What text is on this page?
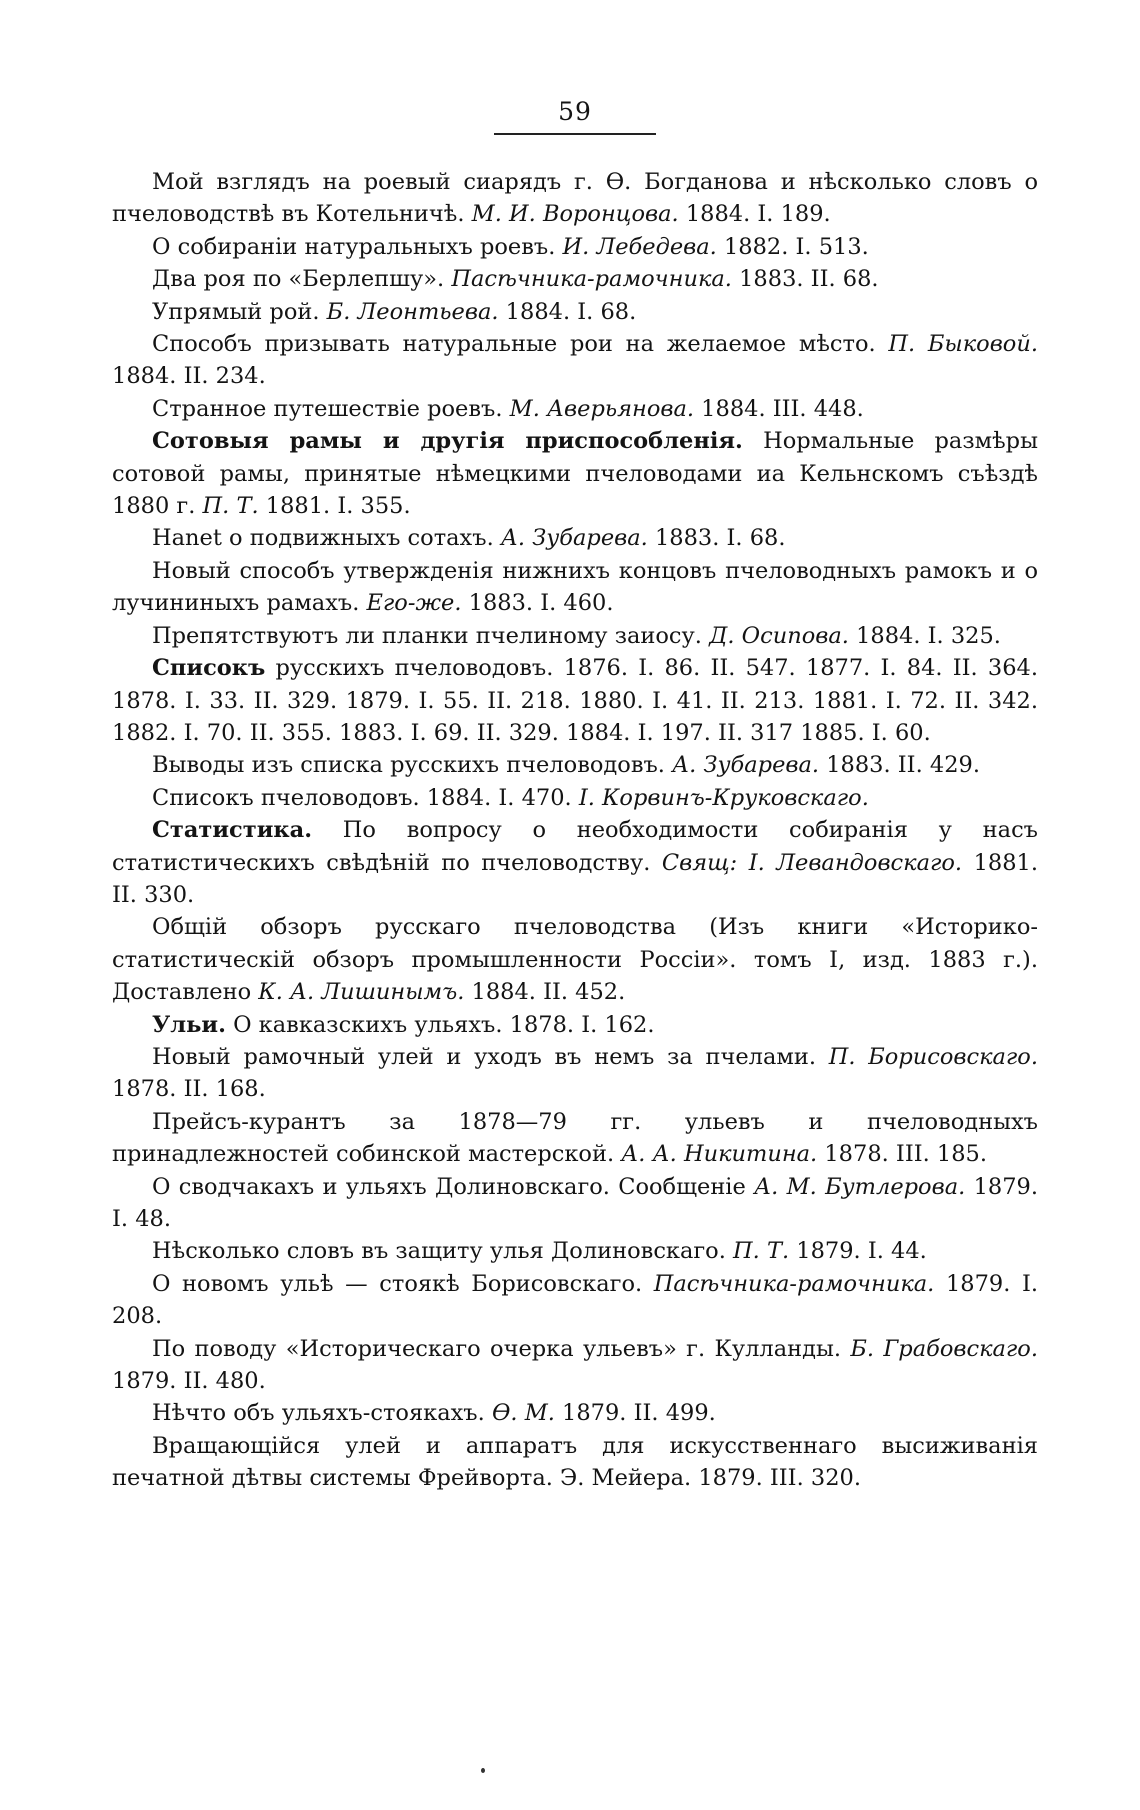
59

Мой взглядъ на роевый сиарядъ г. Ѳ. Богданова и нѣсколько словъ о пчеловодствѣ въ Котельничѣ. М. И. Воронцова. 1884. I. 189.

О собираніи натуральныхъ роевъ. И. Лебедева. 1882. I. 513.

Два роя по «Берлепшу». Пасѣчника-рамочника. 1883. II. 68.

Упрямый рой. Б. Леонтьева. 1884. I. 68.

Способъ призывать натуральные рои на желаемое мѣсто. П. Быковой. 1884. II. 234.

Странное путешествіе роевъ. М. Аверьянова. 1884. III. 448.

Сотовыя рамы и другія приспособленія. Нормальные размѣры сотовой рамы, принятые нѣмецкими пчеловодами иа Кельнскомъ съѣздѣ 1880 г. П. Т. 1881. I. 355.

Hanet о подвижныхъ сотахъ. А. Зубарева. 1883. I. 68.

Новый способъ утвержденія нижнихъ концовъ пчеловодныхъ рамокъ и о лучининыхъ рамахъ. Его-же. 1883. I. 460.

Препятствуютъ ли планки пчелиному заиосу. Д. Осипова. 1884. I. 325.

Списокъ русскихъ пчеловодовъ. 1876. I. 86. II. 547. 1877. I. 84. II. 364. 1878. I. 33. II. 329. 1879. I. 55. II. 218. 1880. I. 41. II. 213. 1881. I. 72. II. 342. 1882. I. 70. II. 355. 1883. I. 69. II. 329. 1884. I. 197. II. 317 1885. I. 60.

Выводы изъ списка русскихъ пчеловодовъ. А. Зубарева. 1883. II. 429.

Списокъ пчеловодовъ. 1884. I. 470. I. Корвинъ-Круковскаго.

Статистика. По вопросу о необходимости собиранія у насъ статистическихъ свѣдѣній по пчеловодству. Свящ: I. Левандовскаго. 1881. II. 330.

Общій обзоръ русскаго пчеловодства (Изъ книги «Историко-статистическій обзоръ промышленности Россіи». томъ I, изд. 1883 г.). Доставлено К. А. Лишинымъ. 1884. II. 452.

Ульи. О кавказскихъ ульяхъ. 1878. I. 162.

Новый рамочный улей и уходъ въ немъ за пчелами. П. Борисовскаго. 1878. II. 168.

Прейсъ-курантъ за 1878—79 гг. ульевъ и пчеловодныхъ принадлежностей собинской мастерской. А. А. Никитина. 1878. III. 185.

О сводчакахъ и ульяхъ Долиновскаго. Сообщеніе А. М. Бутлерова. 1879. I. 48.

Нѣсколько словъ въ защиту улья Долиновскаго. П. Т. 1879. I. 44.

О новомъ ульѣ — стоякѣ Борисовскаго. Пасѣчника-рамочника. 1879. I. 208.

По поводу «Историческаго очерка ульевъ» г. Кулланды. Б. Грабовскаго. 1879. II. 480.

Нѣчто объ ульяхъ-стоякахъ. Ѳ. М. 1879. II. 499.

Вращающійся улей и аппаратъ для искусственнаго высиживанія печатной дѣтвы системы Фрейворта. Э. Мейера. 1879. III. 320.
